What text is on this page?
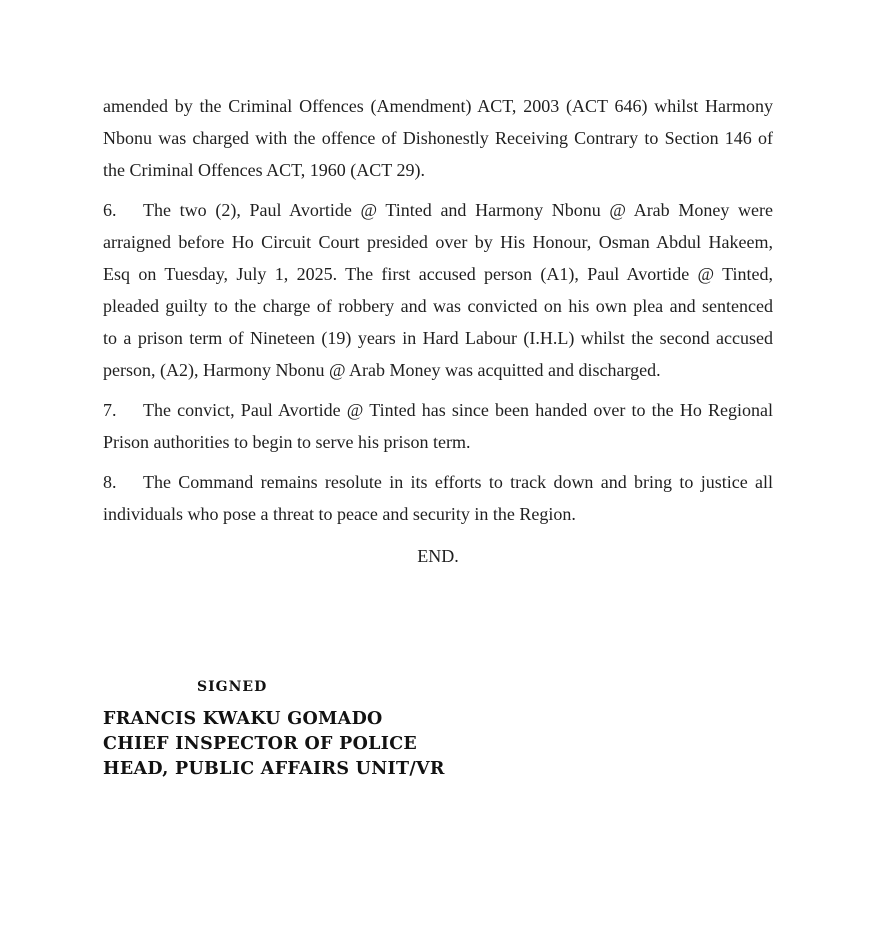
amended by the Criminal Offences (Amendment) ACT, 2003 (ACT 646) whilst Harmony
Nbonu was charged with the offence of Dishonestly Receiving Contrary to Section 146 of
the Criminal Offences ACT, 1960 (ACT 29).
6. The two (2), Paul Avortide @ Tinted and Harmony Nbonu @ Arab Money were
arraigned before Ho Circuit Court presided over by His Honour, Osman Abdul Hakeem,
Esq on Tuesday, July 1, 2025. The first accused person (A1), Paul Avortide @ Tinted,
pleaded guilty to the charge of robbery and was convicted on his own plea and sentenced
to a prison term of Nineteen (19) years in Hard Labour (I.H.L) whilst the second accused
person, (A2), Harmony Nbonu @ Arab Money was acquitted and discharged.
7. The convict, Paul Avortide @ Tinted has since been handed over to the Ho Regional
Prison authorities to begin to serve his prison term.
8. The Command remains resolute in its efforts to track down and bring to justice all
individuals who pose a threat to peace and security in the Region.
END.
SIGNED
FRANCIS KWAKU GOMADO
CHIEF INSPECTOR OF POLICE
HEAD, PUBLIC AFFAIRS UNIT/VR
